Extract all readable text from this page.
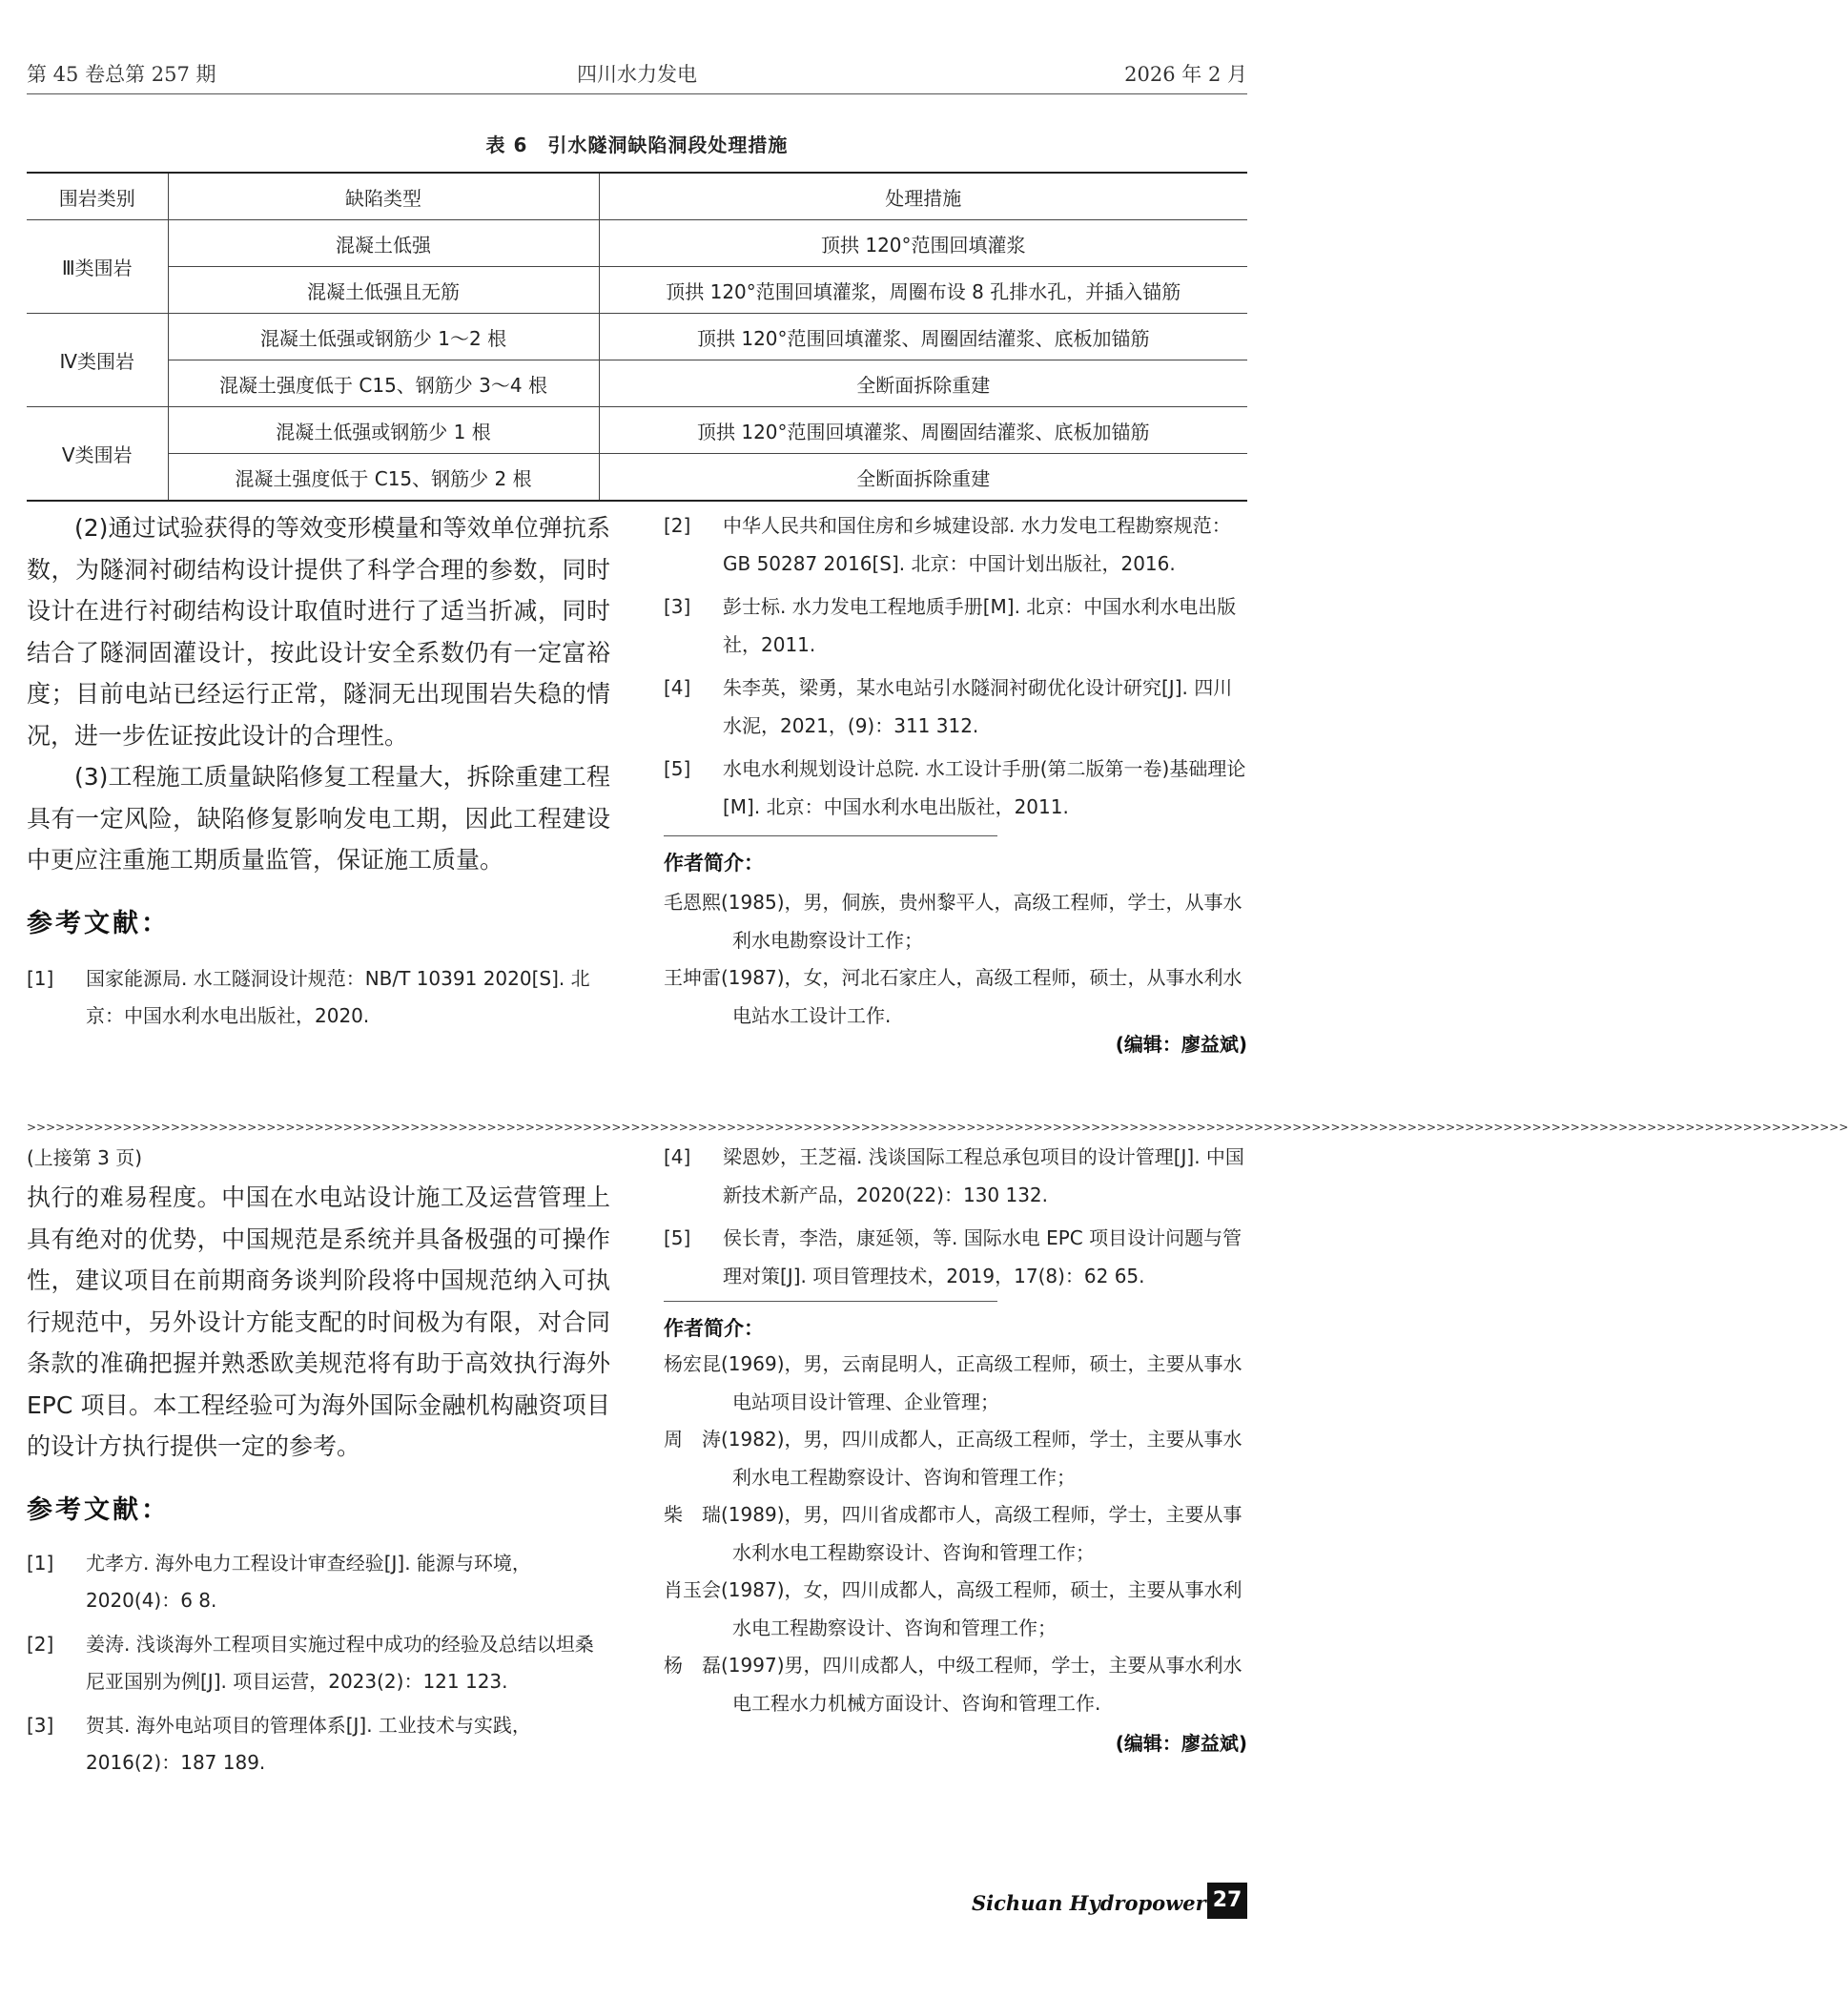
第 45 卷总第 257 期	四川水力发电	2026 年 2 月
表 6　引水隧洞缺陷洞段处理措施
围岩类别	缺陷类型	处理措施
Ⅲ类围岩	混凝土低强	顶拱 120°范围回填灌浆
	混凝土低强且无筋	顶拱 120°范围回填灌浆，周圈布设 8 孔排水孔，并插入锚筋
Ⅳ类围岩	混凝土低强或钢筋少 1～2 根	顶拱 120°范围回填灌浆、周圈固结灌浆、底板加锚筋
	混凝土强度低于 C15、钢筋少 3～4 根	全断面拆除重建
Ⅴ类围岩	混凝土低强或钢筋少 1 根	顶拱 120°范围回填灌浆、周圈固结灌浆、底板加锚筋
	混凝土强度低于 C15、钢筋少 2 根	全断面拆除重建

(2)通过试验获得的等效变形模量和等效单位弹抗系数，为隧洞衬砌结构设计提供了科学合理的参数，同时设计在进行衬砌结构设计取值时进行了适当折减，同时结合了隧洞固灌设计，按此设计安全系数仍有一定富裕度；目前电站已经运行正常，隧洞无出现围岩失稳的情况，进一步佐证按此设计的合理性。

(3)工程施工质量缺陷修复工程量大，拆除重建工程具有一定风险，缺陷修复影响发电工期，因此工程建设中更应注重施工期质量监管，保证施工质量。

参考文献：
[1]	国家能源局. 水工隧洞设计规范：NB/T 10391 2020[S]. 北京：中国水利水电出版社，2020.
[2]	中华人民共和国住房和乡城建设部. 水力发电工程勘察规范：GB 50287 2016[S]. 北京：中国计划出版社，2016.
[3]	彭士标. 水力发电工程地质手册[M]. 北京：中国水利水电出版社，2011.
[4]	朱李英，梁勇，某水电站引水隧洞衬砌优化设计研究[J]. 四川水泥，2021，(9)：311 312.
[5]	水电水利规划设计总院. 水工设计手册(第二版第一卷)基础理论[M]. 北京：中国水利水电出版社，2011.
作者简介：
毛恩熙(1985)，男，侗族，贵州黎平人，高级工程师，学士，从事水利水电勘察设计工作；
王坤雷(1987)，女，河北石家庄人，高级工程师，硕士，从事水利水电站水工设计工作.
(编辑：廖益斌)
>>>>>>>>>>>>>>>>>>>>>>>>>>>>>>>>>>>>>>>>>>>>>>>>>>>>>>>>>>>>>>>>>>>>>>>>>>>>>>>>>>>>>>>>>>>>>>>>>>>>>>>>>>>>>>>>>>>>>>>>>>>>>>>>>>>>>>>>>>>>>>>>>>>>>>>>>>>>>>>>>>>>>>>>>>>>>>>>>>>>>>>>>>>>>>
(上接第 3 页)

执行的难易程度。中国在水电站设计施工及运营管理上具有绝对的优势，中国规范是系统并具备极强的可操作性，建议项目在前期商务谈判阶段将中国规范纳入可执行规范中，另外设计方能支配的时间极为有限，对合同条款的准确把握并熟悉欧美规范将有助于高效执行海外 EPC 项目。本工程经验可为海外国际金融机构融资项目的设计方执行提供一定的参考。

参考文献：
[1]	尤孝方. 海外电力工程设计审查经验[J]. 能源与环境，2020(4)：6 8.
[2]	姜涛. 浅谈海外工程项目实施过程中成功的经验及总结以坦桑尼亚国别为例[J]. 项目运营，2023(2)：121 123.
[3]	贺其. 海外电站项目的管理体系[J]. 工业技术与实践，2016(2)：187 189.
[4]	梁恩妙，王芝福. 浅谈国际工程总承包项目的设计管理[J]. 中国新技术新产品，2020(22)：130 132.
[5]	侯长青，李浩，康延领，等. 国际水电 EPC 项目设计问题与管理对策[J]. 项目管理技术，2019，17(8)：62 65.
作者简介：
杨宏昆(1969)，男，云南昆明人，正高级工程师，硕士，主要从事水电站项目设计管理、企业管理；
周　涛(1982)，男，四川成都人，正高级工程师，学士，主要从事水利水电工程勘察设计、咨询和管理工作；
柴　瑞(1989)，男，四川省成都市人，高级工程师，学士，主要从事水利水电工程勘察设计、咨询和管理工作；
肖玉会(1987)，女，四川成都人，高级工程师，硕士，主要从事水利水电工程勘察设计、咨询和管理工作；
杨　磊(1997)男，四川成都人，中级工程师，学士，主要从事水利水电工程水力机械方面设计、咨询和管理工作.
(编辑：廖益斌)
Sichuan Hydropower 27
